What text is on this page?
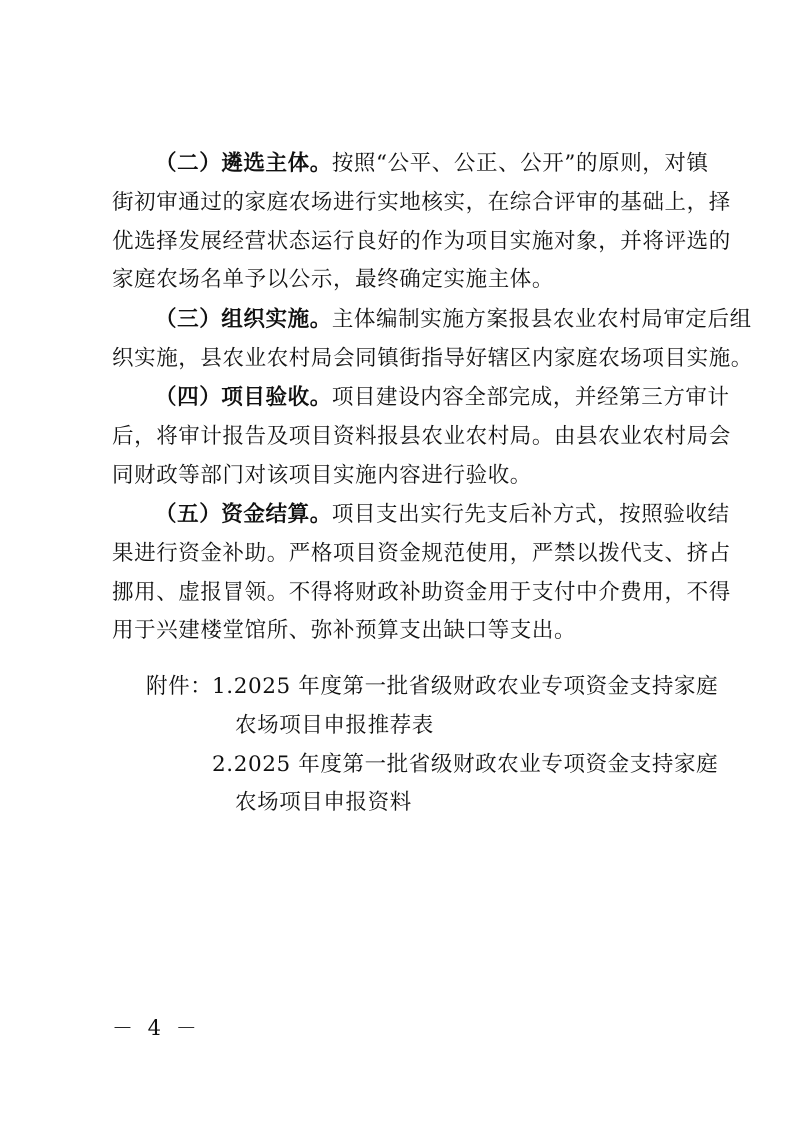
（二）遴选主体。按照“公平、公正、公开”的原则，对镇
街初审通过的家庭农场进行实地核实，在综合评审的基础上，择
优选择发展经营状态运行良好的作为项目实施对象，并将评选的
家庭农场名单予以公示，最终确定实施主体。
（三）组织实施。主体编制实施方案报县农业农村局审定后组
织实施，县农业农村局会同镇街指导好辖区内家庭农场项目实施。
（四）项目验收。项目建设内容全部完成，并经第三方审计
后，将审计报告及项目资料报县农业农村局。由县农业农村局会
同财政等部门对该项目实施内容进行验收。
（五）资金结算。项目支出实行先支后补方式，按照验收结
果进行资金补助。严格项目资金规范使用，严禁以拨代支、挤占
挪用、虚报冒领。不得将财政补助资金用于支付中介费用，不得
用于兴建楼堂馆所、弥补预算支出缺口等支出。
附件：1.2025 年度第一批省级财政农业专项资金支持家庭
农场项目申报推荐表
2.2025 年度第一批省级财政农业专项资金支持家庭
农场项目申报资料
－ 4 －
